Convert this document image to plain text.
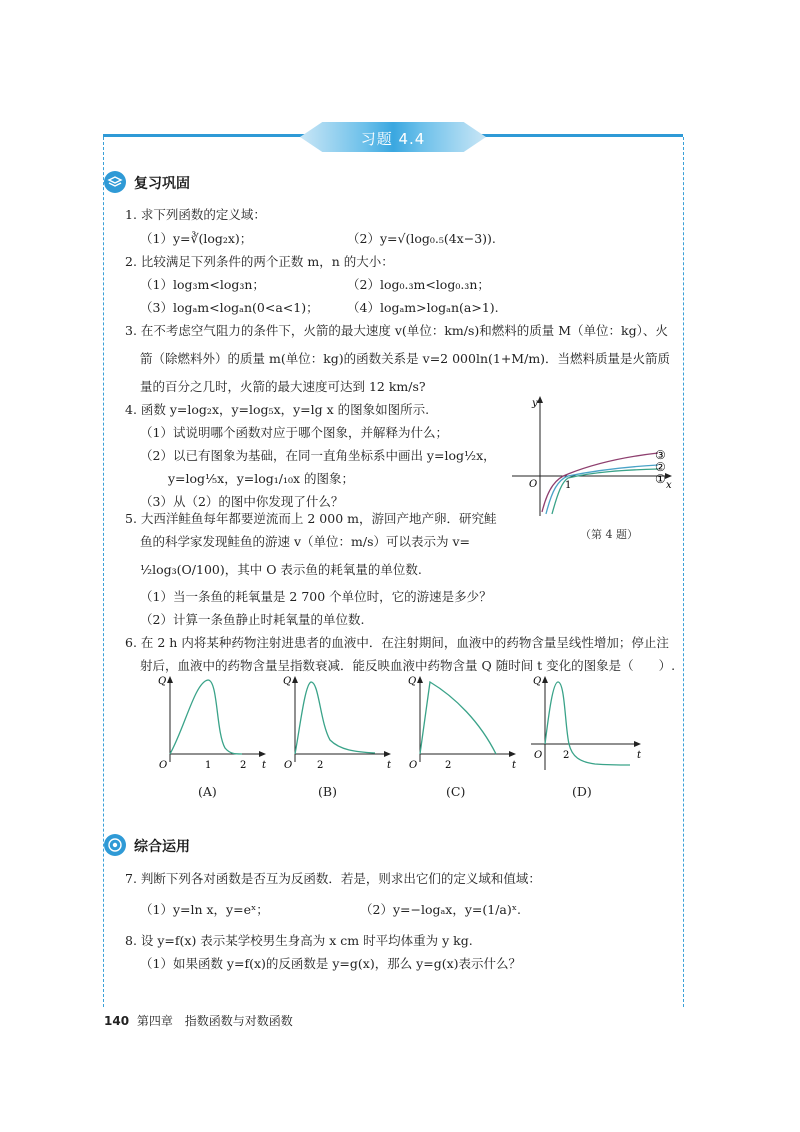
习题 4.4
复习巩固
1. 求下列函数的定义域：
（1）y=∛(log₂x)；	（2）y=√(log₀.₅(4x−3)).
2. 比较满足下列条件的两个正数 m，n 的大小：
（1）log₃m<log₃n；	（2）log₀.₃m<log₀.₃n；
（3）logₐm<logₐn(0<a<1)； （4）logₐm>logₐn(a>1).
3. 在不考虑空气阻力的条件下，火箭的最大速度 v(单位：km/s)和燃料的质量 M（单位：kg）、火
箭（除燃料外）的质量 m(单位：kg)的函数关系是 v=2 000ln(1+M/m)．当燃料质量是火箭质
量的百分之几时，火箭的最大速度可达到 12 km/s?
4. 函数 y=log₂x，y=log₅x，y=lg x 的图象如图所示.
（1）试说明哪个函数对应于哪个图象，并解释为什么；
（2）以已有图象为基础，在同一直角坐标系中画出 y=log½x，
y=log⅕x，y=log₁/₁₀x 的图象；
（3）从（2）的图中你发现了什么？
y
x
O	1
③
②
①
（第 4 题）
5. 大西洋鲑鱼每年都要逆流而上 2 000 m，游回产地产卵．研究鲑
鱼的科学家发现鲑鱼的游速 v（单位：m/s）可以表示为 v=
½log₃(O/100)，其中 O 表示鱼的耗氧量的单位数.
（1）当一条鱼的耗氧量是 2 700 个单位时，它的游速是多少？
（2）计算一条鱼静止时耗氧量的单位数.
6. 在 2 h 内将某种药物注射进患者的血液中．在注射期间，血液中的药物含量呈线性增加；停止注
射后，血液中的药物含量呈指数衰减．能反映血液中药物含量 Q 随时间 t 变化的图象是（　　）.
Q
t
O	1	2
Q
t
O 2
Q
t
O	2
Q
t
O 2
(A)	(B)	(C)	(D)
综合运用
7. 判断下列各对函数是否互为反函数．若是，则求出它们的定义域和值域：
（1）y=ln x，y=eˣ；	（2）y=−logₐx，y=(1/a)ˣ.
8. 设 y=f(x) 表示某学校男生身高为 x cm 时平均体重为 y kg.
（1）如果函数 y=f(x)的反函数是 y=g(x)，那么 y=g(x)表示什么？
140 第四章 指数函数与对数函数
